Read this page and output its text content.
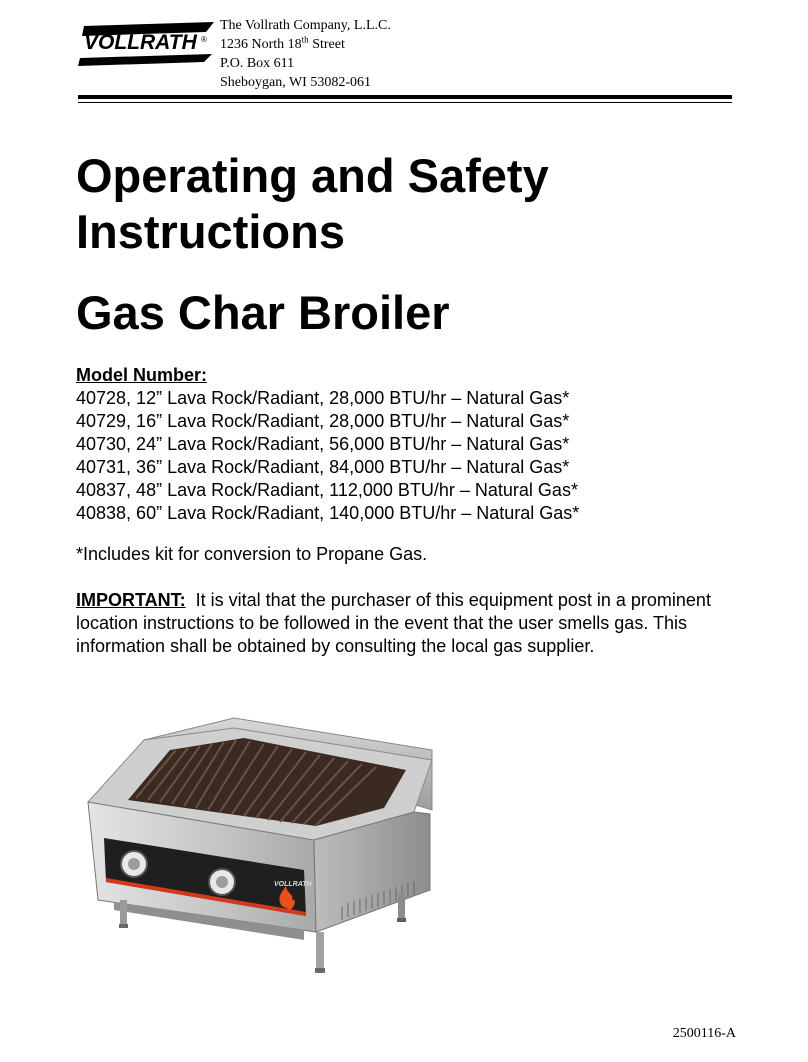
VOLLRATH ®
The Vollrath Company, L.L.C.
1236 North 18th Street
P.O. Box 611
Sheboygan, WI 53082-061
Operating and Safety
Instructions
Gas Char Broiler
Model Number:
40728, 12” Lava Rock/Radiant, 28,000 BTU/hr – Natural Gas*
40729, 16” Lava Rock/Radiant, 28,000 BTU/hr – Natural Gas*
40730, 24” Lava Rock/Radiant, 56,000 BTU/hr – Natural Gas*
40731, 36” Lava Rock/Radiant, 84,000 BTU/hr – Natural Gas*
40837, 48” Lava Rock/Radiant, 112,000 BTU/hr – Natural Gas*
40838, 60” Lava Rock/Radiant, 140,000 BTU/hr – Natural Gas*
*Includes kit for conversion to Propane Gas.
IMPORTANT: It is vital that the purchaser of this equipment post in a prominent location instructions to be followed in the event that the user smells gas. This information shall be obtained by consulting the local gas supplier.
VOLLRATH
2500116-A
